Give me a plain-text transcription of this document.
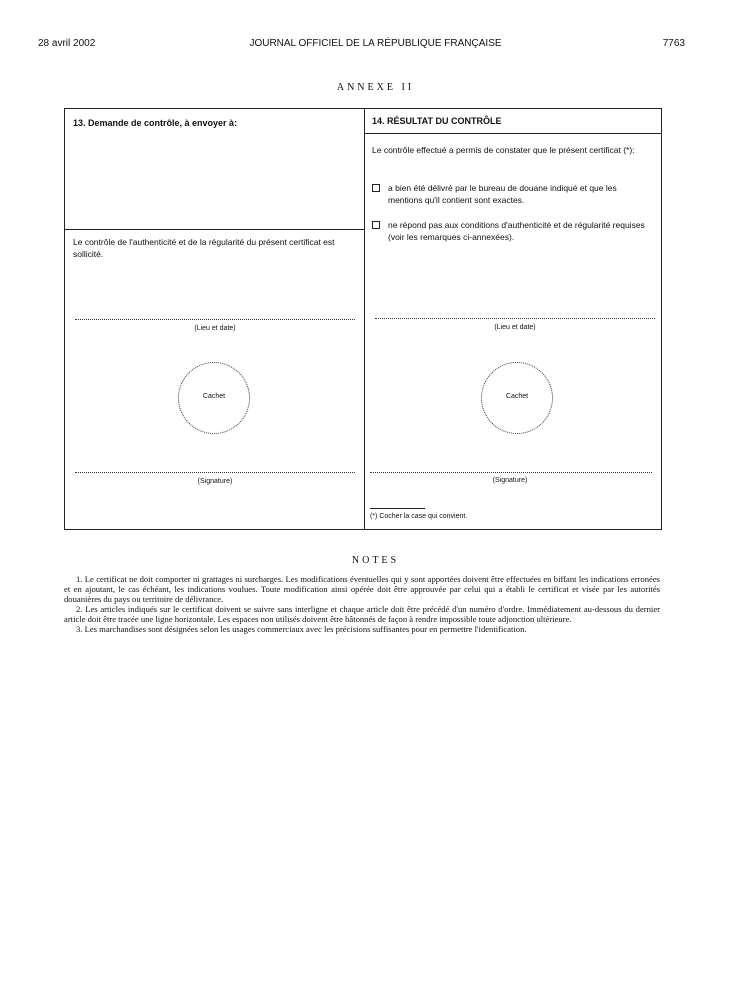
28 avril 2002	JOURNAL OFFICIEL DE LA RÉPUBLIQUE FRANÇAISE	7763
ANNEXE II
13. Demande de contrôle, à envoyer à:
Le contrôle de l'authenticité et de la régularité du présent certificat est sollicité.
(Lieu et date)
Cachet
(Signature)
14. RÉSULTAT DU CONTRÔLE
Le contrôle effectué a permis de constater que le présent certificat (*):
a bien été délivré par le bureau de douane indiqué et que les mentions qu'il contient sont exactes.
ne répond pas aux conditions d'authenticité et de régularité requises (voir les remarques ci-annexées).
(Lieu et date)
Cachet
(Signature)
(*) Cocher la case qui convient.
NOTES

1. Le certificat ne doit comporter ni grattages ni surcharges. Les modifications éventuelles qui y sont apportées doivent être effectuées en biffant les indications erronées et en ajoutant, le cas échéant, les indications voulues. Toute modification ainsi opérée doit être approuvée par celui qui a établi le certificat et visée par les autorités douanières du pays ou territoire de délivrance.

2. Les articles indiqués sur le certificat doivent se suivre sans interligne et chaque article doit être précédé d'un numéro d'ordre. Immédiatement au-dessous du dernier article doit être tracée une ligne horizontale. Les espaces non utilisés doivent être bâtonnés de façon à rendre impossible toute adjonction ultérieure.

3. Les marchandises sont désignées selon les usages commerciaux avec les précisions suffisantes pour en permettre l'identification.
